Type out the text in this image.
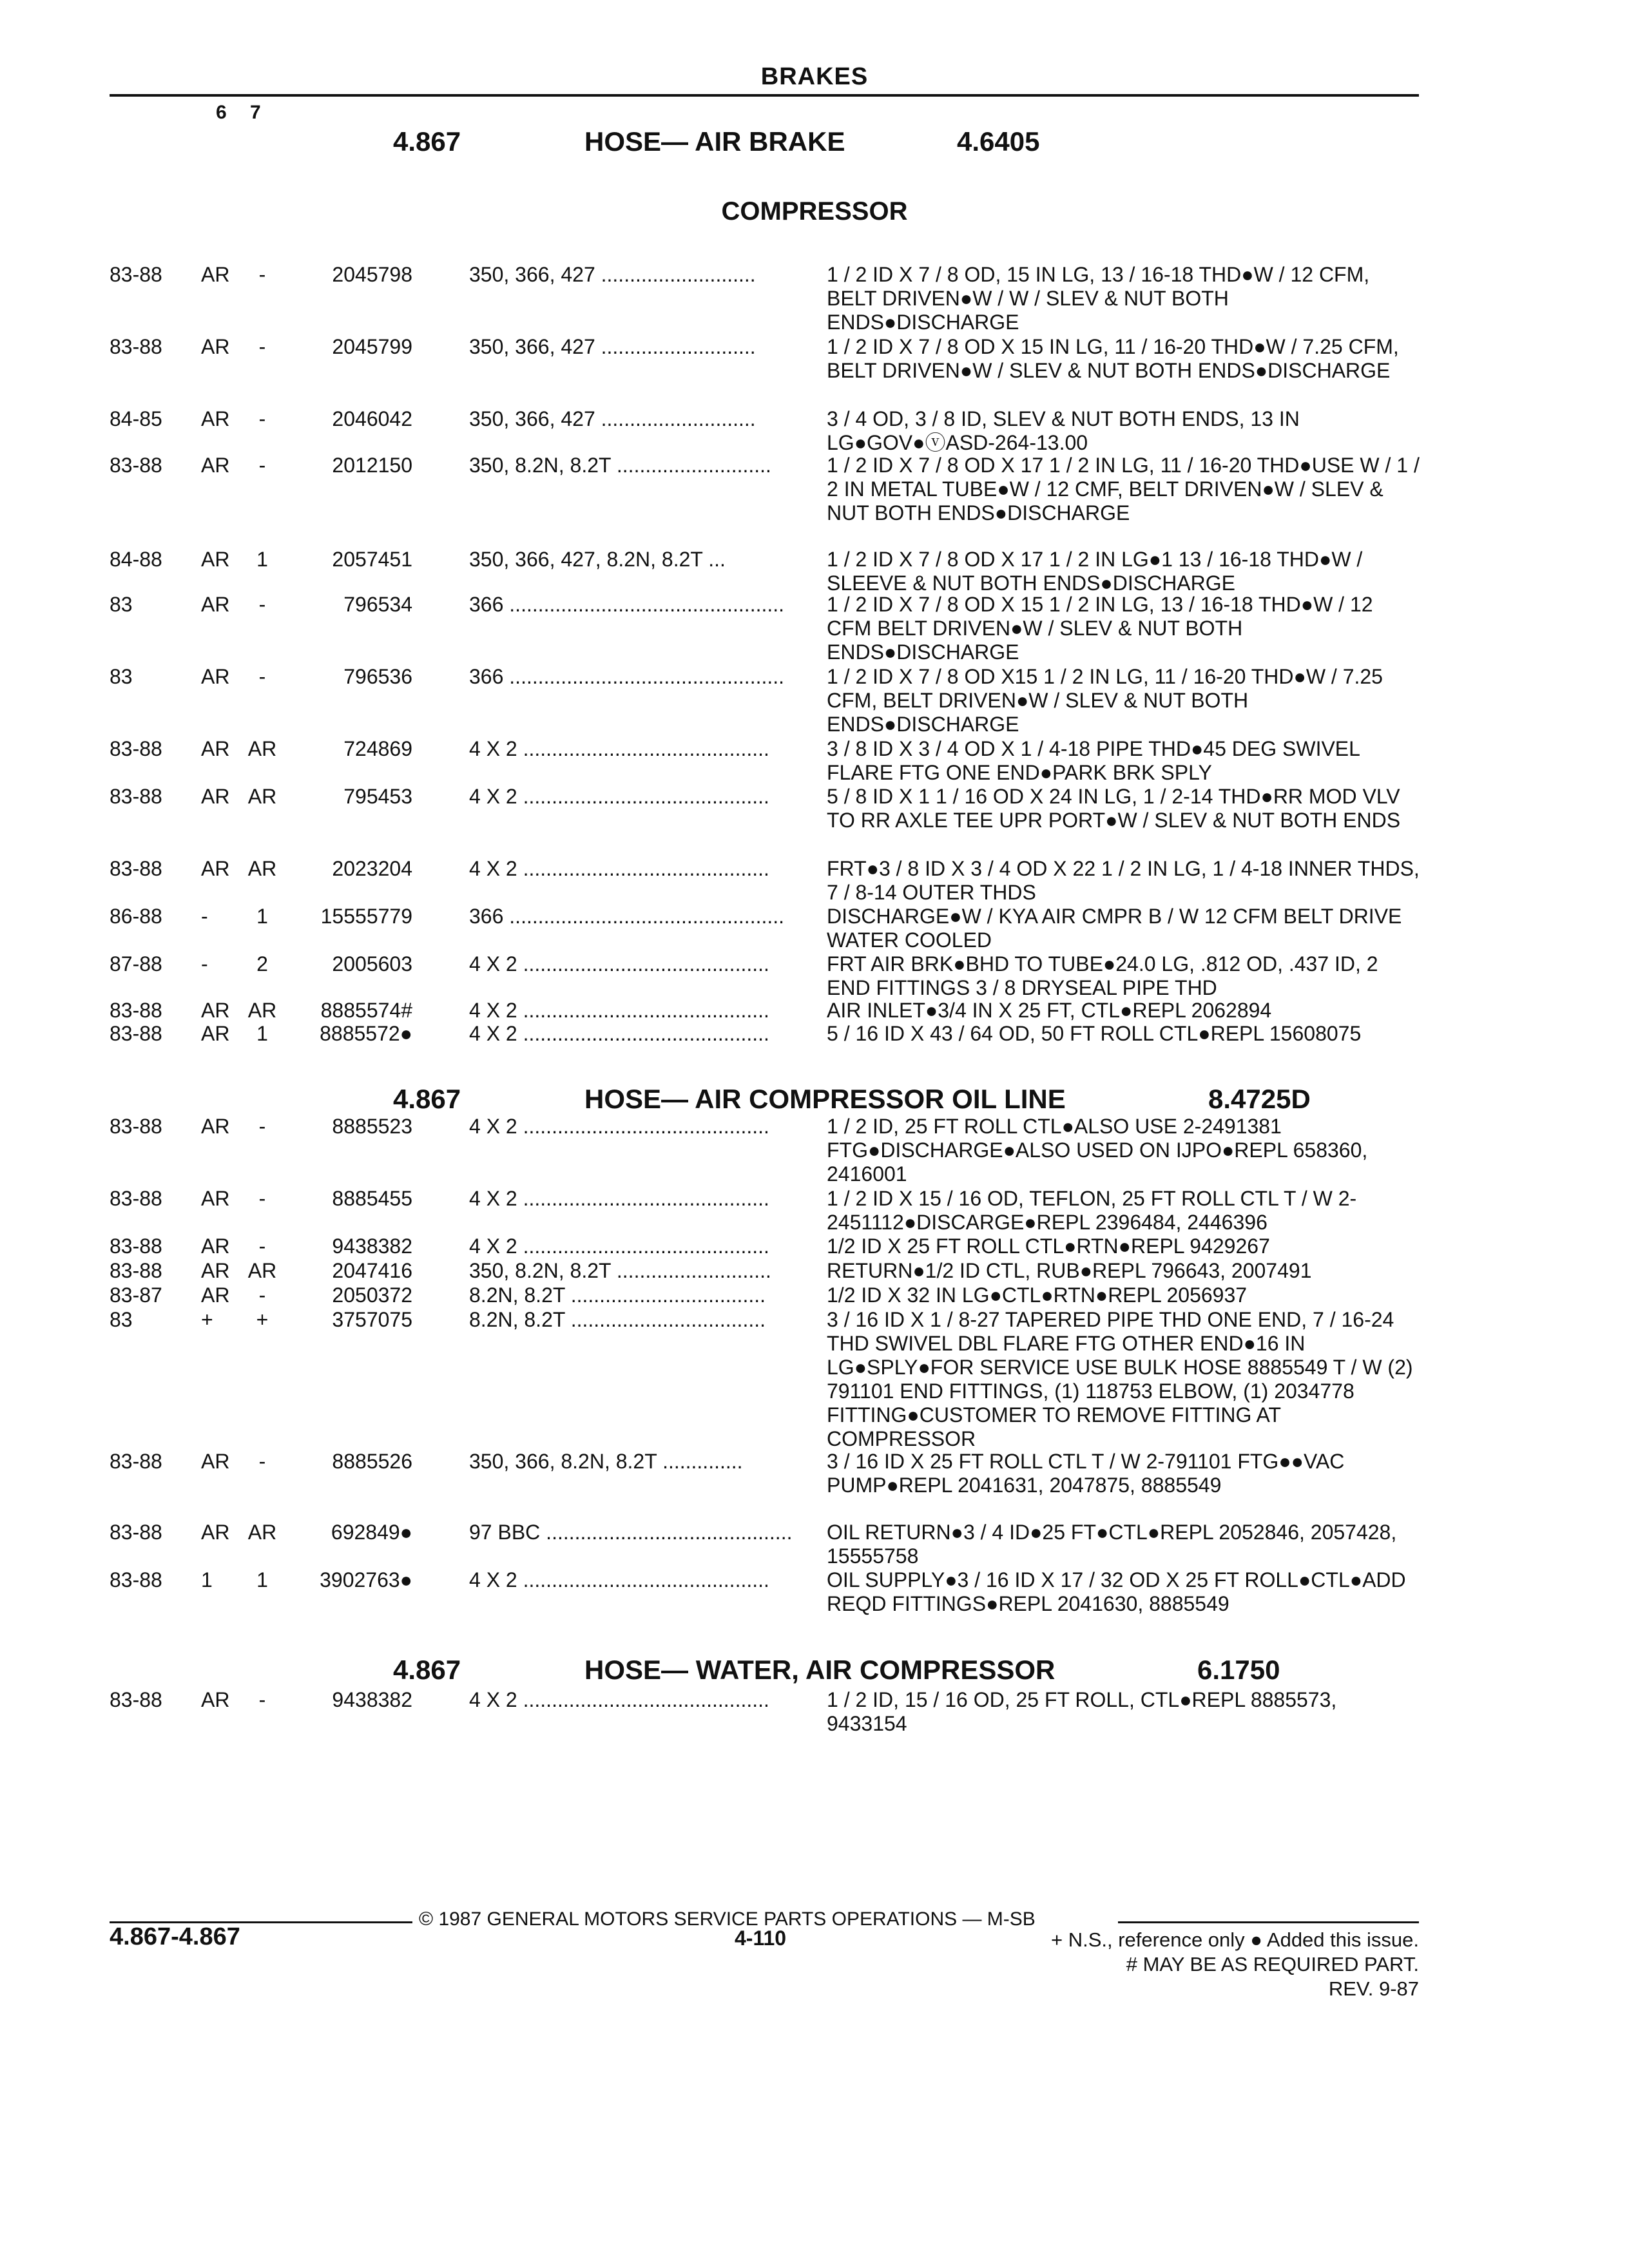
BRAKES
6 7
4.867	HOSE— AIR BRAKE	4.6405
COMPRESSOR
4.867	HOSE— AIR COMPRESSOR OIL LINE	8.4725D
4.867	HOSE— WATER, AIR COMPRESSOR	6.1750
83-88	AR	-	2045798	350, 366, 427 ...........................	1 / 2 ID X 7 / 8 OD, 15 IN LG, 13 / 16-18 THD●W / 12 CFM, BELT DRIVEN●W / W / SLEV & NUT BOTH ENDS●DISCHARGE
83-88	AR	-	2045799	350, 366, 427 ...........................	1 / 2 ID X 7 / 8 OD X 15 IN LG, 11 / 16-20 THD●W / 7.25 CFM, BELT DRIVEN●W / SLEV & NUT BOTH ENDS●DISCHARGE
84-85	AR	-	2046042	350, 366, 427 ...........................	3 / 4 OD, 3 / 8 ID, SLEV & NUT BOTH ENDS, 13 IN LG●GOV●ⓥASD-264-13.00
83-88	AR	-	2012150	350, 8.2N, 8.2T ...........................	1 / 2 ID X 7 / 8 OD X 17 1 / 2 IN LG, 11 / 16-20 THD●USE W / 1 / 2 IN METAL TUBE●W / 12 CMF, BELT DRIVEN●W / SLEV & NUT BOTH ENDS●DISCHARGE
84-88	AR	1	2057451	350, 366, 427, 8.2N, 8.2T ...	1 / 2 ID X 7 / 8 OD X 17 1 / 2 IN LG●1 13 / 16-18 THD●W / SLEEVE & NUT BOTH ENDS●DISCHARGE
83	AR	-	796534	366 ................................................	1 / 2 ID X 7 / 8 OD X 15 1 / 2 IN LG, 13 / 16-18 THD●W / 12 CFM BELT DRIVEN●W / SLEV & NUT BOTH ENDS●DISCHARGE
83	AR	-	796536	366 ................................................	1 / 2 ID X 7 / 8 OD X15 1 / 2 IN LG, 11 / 16-20 THD●W / 7.25 CFM, BELT DRIVEN●W / SLEV & NUT BOTH ENDS●DISCHARGE
83-88	AR AR	724869	4 X 2 ...........................................	3 / 8 ID X 3 / 4 OD X 1 / 4-18 PIPE THD●45 DEG SWIVEL FLARE FTG ONE END●PARK BRK SPLY
83-88	AR AR	795453	4 X 2 ...........................................	5 / 8 ID X 1 1 / 16 OD X 24 IN LG, 1 / 2-14 THD●RR MOD VLV TO RR AXLE TEE UPR PORT●W / SLEV & NUT BOTH ENDS
83-88	AR AR	2023204	4 X 2 ...........................................	FRT●3 / 8 ID X 3 / 4 OD X 22 1 / 2 IN LG, 1 / 4-18 INNER THDS, 7 / 8-14 OUTER THDS
86-88	-	1	15555779	366 ................................................	DISCHARGE●W / KYA AIR CMPR B / W 12 CFM BELT DRIVE WATER COOLED
87-88	-	2	2005603	4 X 2 ...........................................	FRT AIR BRK●BHD TO TUBE●24.0 LG, .812 OD, .437 ID, 2 END FITTINGS 3 / 8 DRYSEAL PIPE THD
83-88	AR AR	8885574#	4 X 2 ...........................................	AIR INLET●3/4 IN X 25 FT, CTL●REPL 2062894
83-88	AR	1	8885572●	4 X 2 ...........................................	5 / 16 ID X 43 / 64 OD, 50 FT ROLL CTL●REPL 15608075
83-88	AR	-	8885523	4 X 2 ...........................................	1 / 2 ID, 25 FT ROLL CTL●ALSO USE 2-2491381 FTG●DISCHARGE●ALSO USED ON IJPO●REPL 658360, 2416001
83-88	AR	-	8885455	4 X 2 ...........................................	1 / 2 ID X 15 / 16 OD, TEFLON, 25 FT ROLL CTL T / W 2-2451112●DISCARGE●REPL 2396484, 2446396
83-88	AR	-	9438382	4 X 2 ...........................................	1/2 ID X 25 FT ROLL CTL●RTN●REPL 9429267
83-88	AR AR	2047416	350, 8.2N, 8.2T ...........................	RETURN●1/2 ID CTL, RUB●REPL 796643, 2007491
83-87	AR	-	2050372	8.2N, 8.2T ..................................	1/2 ID X 32 IN LG●CTL●RTN●REPL 2056937
83	+	+	3757075	8.2N, 8.2T ..................................	3 / 16 ID X 1 / 8-27 TAPERED PIPE THD ONE END, 7 / 16-24 THD SWIVEL DBL FLARE FTG OTHER END●16 IN LG●SPLY●FOR SERVICE USE BULK HOSE 8885549 T / W (2) 791101 END FITTINGS, (1) 118753 ELBOW, (1) 2034778 FITTING●CUSTOMER TO REMOVE FITTING AT COMPRESSOR
83-88	AR	-	8885526	350, 366, 8.2N, 8.2T ..............	3 / 16 ID X 25 FT ROLL CTL T / W 2-791101 FTG●●VAC PUMP●REPL 2041631, 2047875, 8885549
83-88	AR AR	692849●	97 BBC ...........................................	OIL RETURN●3 / 4 ID●25 FT●CTL●REPL 2052846, 2057428, 15555758
83-88	1	1	3902763●	4 X 2 ...........................................	OIL SUPPLY●3 / 16 ID X 17 / 32 OD X 25 FT ROLL●CTL●ADD REQD FITTINGS●REPL 2041630, 8885549
83-88	AR	-	9438382	4 X 2 ...........................................	1 / 2 ID, 15 / 16 OD, 25 FT ROLL, CTL●REPL 8885573, 9433154
© 1987 GENERAL MOTORS SERVICE PARTS OPERATIONS — M-SB
4.867-4.867	4-110	+ N.S., reference only ● Added this issue.
# MAY BE AS REQUIRED PART.
REV. 9-87
